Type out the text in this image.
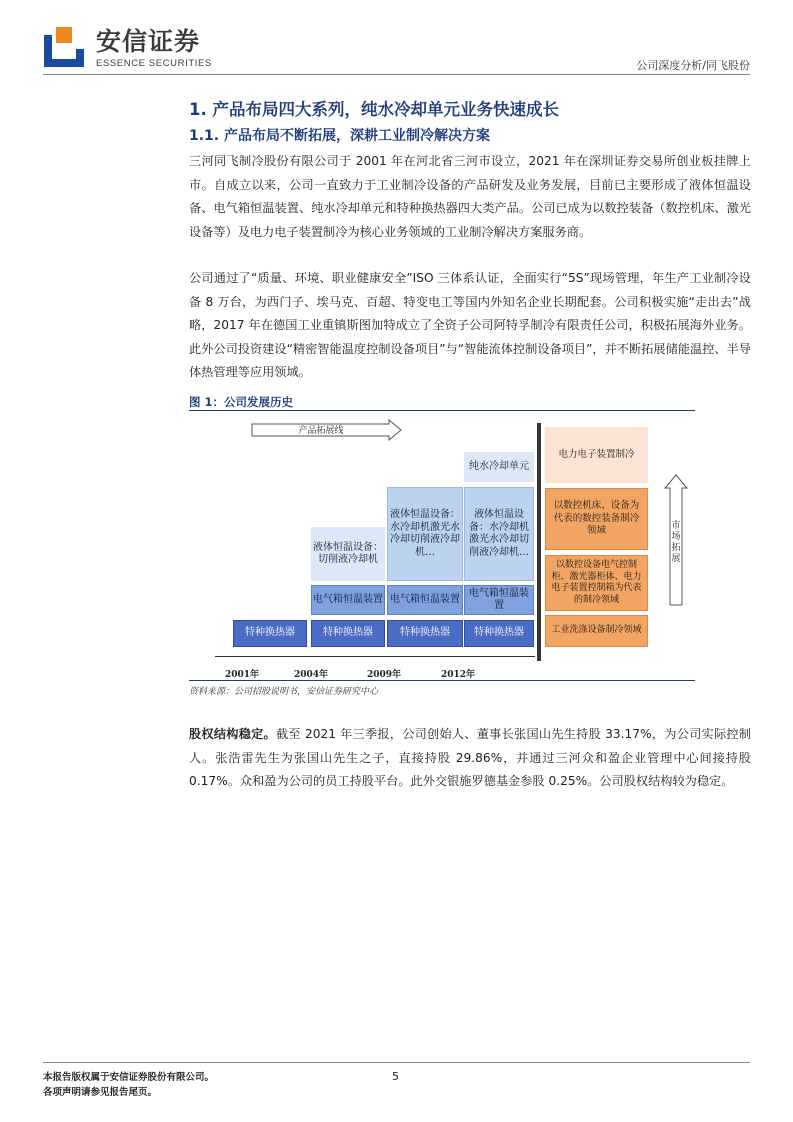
安信证券
ESSENCE SECURITIES	公司深度分析/同飞股份
1. 产品布局四大系列，纯水冷却单元业务快速成长
1.1. 产品布局不断拓展，深耕工业制冷解决方案
三河同飞制冷股份有限公司于 2001 年在河北省三河市设立，2021 年在深圳证券交易所创业板挂牌上市。自成立以来，公司一直致力于工业制冷设备的产品研发及业务发展，目前已主要形成了液体恒温设备、电气箱恒温装置、纯水冷却单元和特种换热器四大类产品。公司已成为以数控装备（数控机床、激光设备等）及电力电子装置制冷为核心业务领域的工业制冷解决方案服务商。
公司通过了“质量、环境、职业健康安全”ISO 三体系认证，全面实行“5S”现场管理，年生产工业制冷设备 8 万台，为西门子、埃马克、百超、特变电工等国内外知名企业长期配套。公司积极实施“走出去”战略，2017 年在德国工业重镇斯图加特成立了全资子公司阿特孚制冷有限责任公司，积极拓展海外业务。此外公司投资建设“精密智能温度控制设备项目”与“智能流体控制设备项目”，并不断拓展储能温控、半导体热管理等应用领域。
图 1：公司发展历史
产品拓展线
特种换热器
液体恒温设备：切削液冷却机
电气箱恒温装置
特种换热器
液体恒温设备：水冷却机激光水冷却切削液冷却机…
电气箱恒温装置
特种换热器
纯水冷却单元
液体恒温设备：水冷却机激光水冷却切削液冷却机…
电气箱恒温装置
特种换热器
2001年	2004年	2009年	2012年
电力电子装置制冷
以数控机床、设备为代表的数控装备制冷领域
以数控设备电气控制柜、激光器柜体、电力电子装置控制箱为代表的制冷领域
工业洗涤设备制冷领域
市场拓展
资料来源：公司招股说明书，安信证券研究中心
股权结构稳定。截至 2021 年三季报，公司创始人、董事长张国山先生持股 33.17%，为公司实际控制人。张浩雷先生为张国山先生之子，直接持股 29.86%，并通过三河众和盈企业管理中心间接持股 0.17%。众和盈为公司的员工持股平台。此外交银施罗德基金参股 0.25%。公司股权结构较为稳定。
本报告版权属于安信证券股份有限公司。
各项声明请参见报告尾页。
5
